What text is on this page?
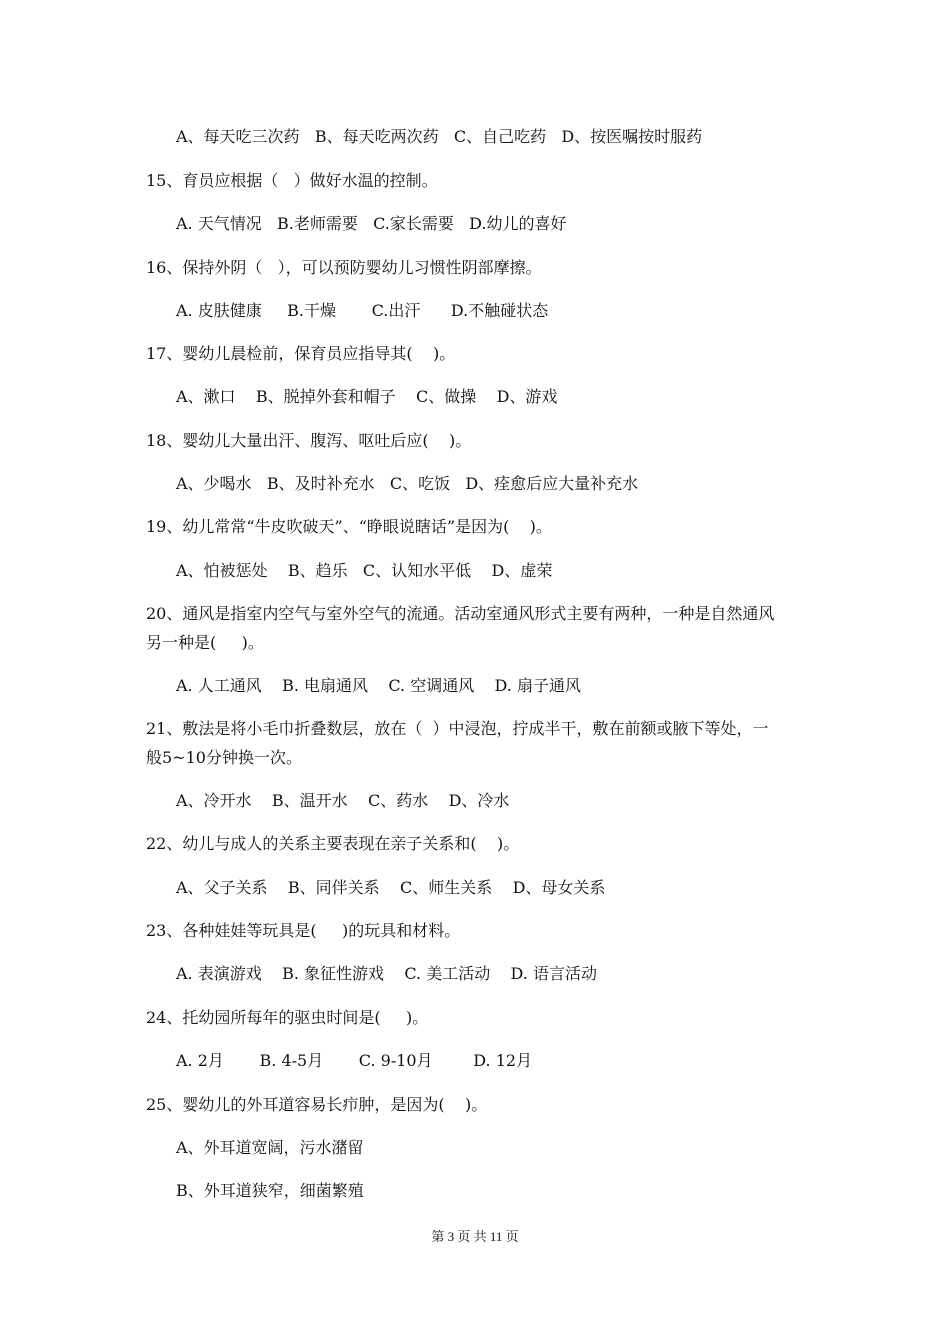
A、每天吃三次药   B、每天吃两次药   C、自己吃药   D、按医嘱按时服药
15、育员应根据（   ）做好水温的控制。
A. 天气情况   B.老师需要   C.家长需要   D.幼儿的喜好
16、保持外阴（   ），可以预防婴幼儿习惯性阴部摩擦。
A. 皮肤健康     B.干燥       C.出汗      D.不触碰状态
17、婴幼儿晨检前，保育员应指导其(    )。
A、漱口    B、脱掉外套和帽子    C、做操    D、游戏
18、婴幼儿大量出汗、腹泻、呕吐后应(    )。
A、少喝水   B、及时补充水   C、吃饭   D、痊愈后应大量补充水
19、幼儿常常“牛皮吹破天”、“睁眼说瞎话”是因为(    )。
A、怕被惩处    B、趋乐   C、认知水平低    D、虚荣
20、通风是指室内空气与室外空气的流通。活动室通风形式主要有两种，一种是自然通风
另一种是(     )。
A. 人工通风    B. 电扇通风    C. 空调通风    D. 扇子通风
21、敷法是将小毛巾折叠数层，放在（  ）中浸泡，拧成半干，敷在前额或腋下等处，一
般5~10分钟换一次。
A、冷开水    B、温开水    C、药水    D、冷水
22、幼儿与成人的关系主要表现在亲子关系和(    )。
A、父子关系    B、同伴关系    C、师生关系    D、母女关系
23、各种娃娃等玩具是(     )的玩具和材料。
A. 表演游戏    B. 象征性游戏    C. 美工活动    D. 语言活动
24、托幼园所每年的驱虫时间是(     )。
A. 2月       B. 4-5月       C. 9-10月        D. 12月
25、婴幼儿的外耳道容易长疖肿，是因为(    )。
A、外耳道宽阔，污水潴留
B、外耳道狭窄，细菌繁殖
第 3 页 共 11 页
